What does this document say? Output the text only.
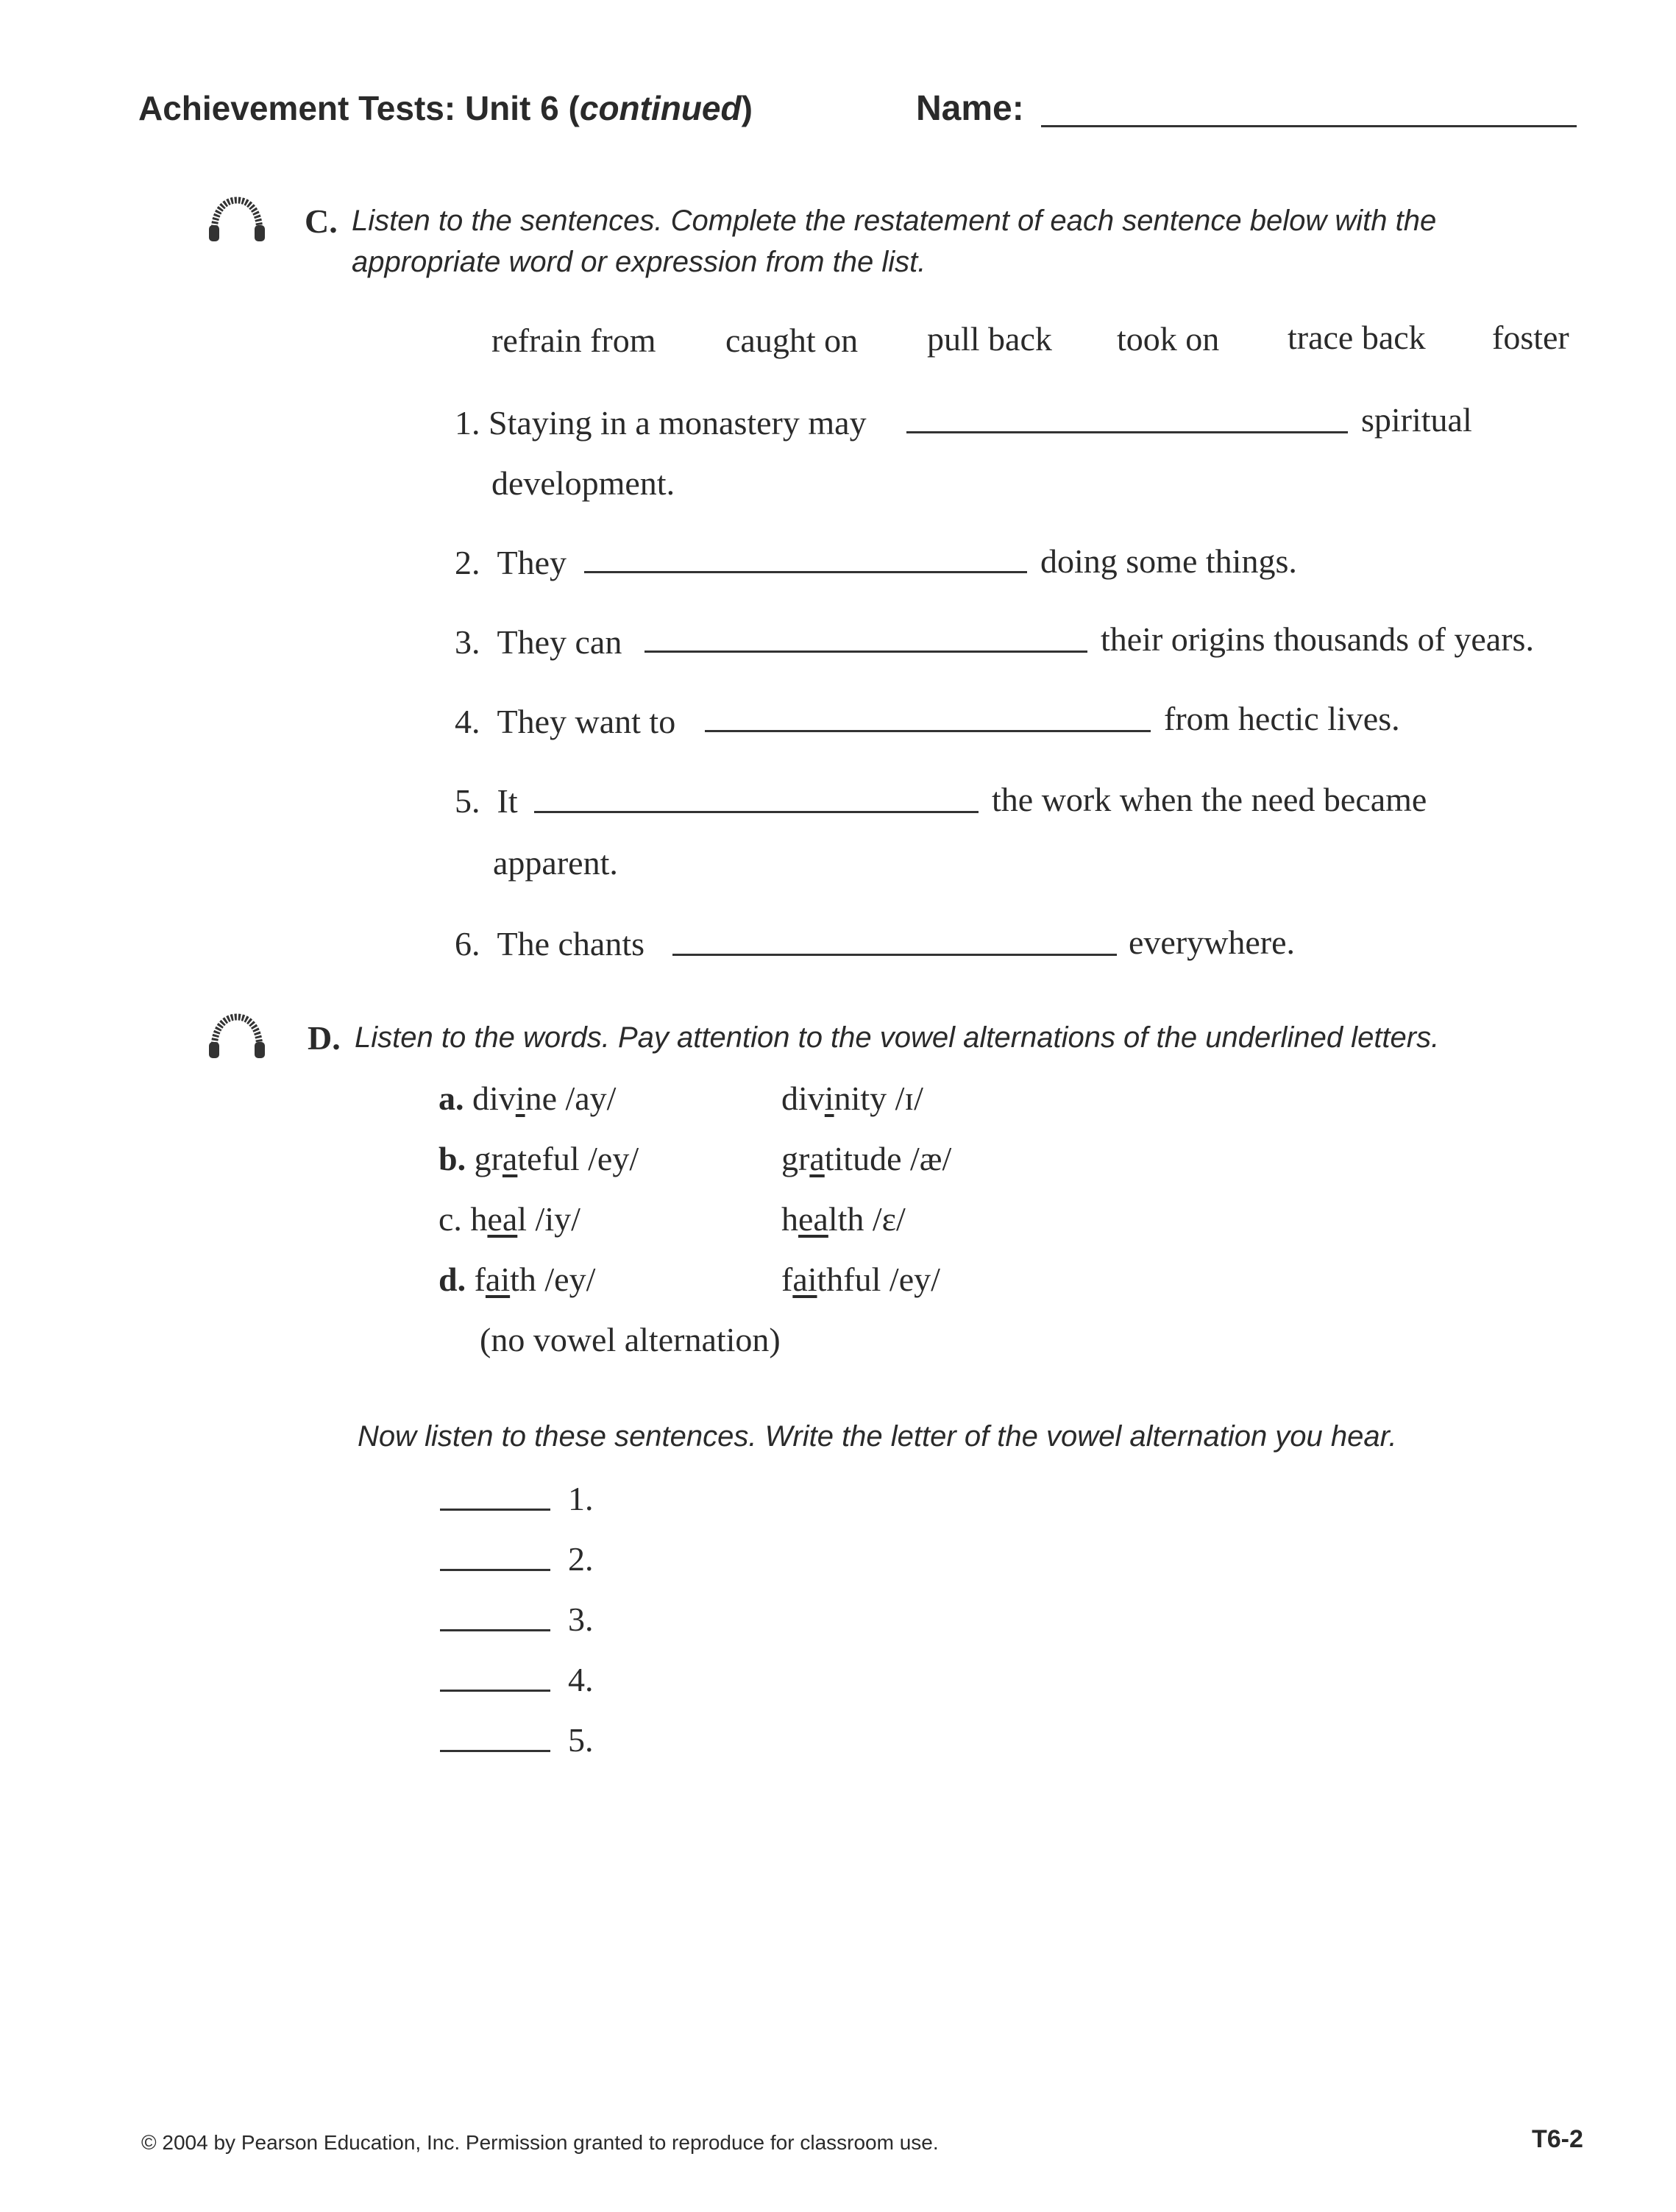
Achievement Tests: Unit 6 (continued)	Name:
C. Listen to the sentences. Complete the restatement of each sentence below with the
appropriate word or expression from the list.
refrain from caught on pull back took on trace back foster
1. Staying in a monastery may	spiritual
development.
2. They	doing some things.
3. They can	their origins thousands of years.
4. They want to	from hectic lives.
5. It	the work when the need became
apparent.
6. The chants	everywhere.
D. Listen to the words. Pay attention to the vowel alternations of the underlined letters.
a. divine /ay/	divinity /ɪ/
b. grateful /ey/	gratitude /æ/
c. heal /iy/	health /ɛ/
d. faith /ey/	faithful /ey/
(no vowel alternation)
Now listen to these sentences. Write the letter of the vowel alternation you hear.
1.
2.
3.
4.
5.
© 2004 by Pearson Education, Inc. Permission granted to reproduce for classroom use.	T6-2
